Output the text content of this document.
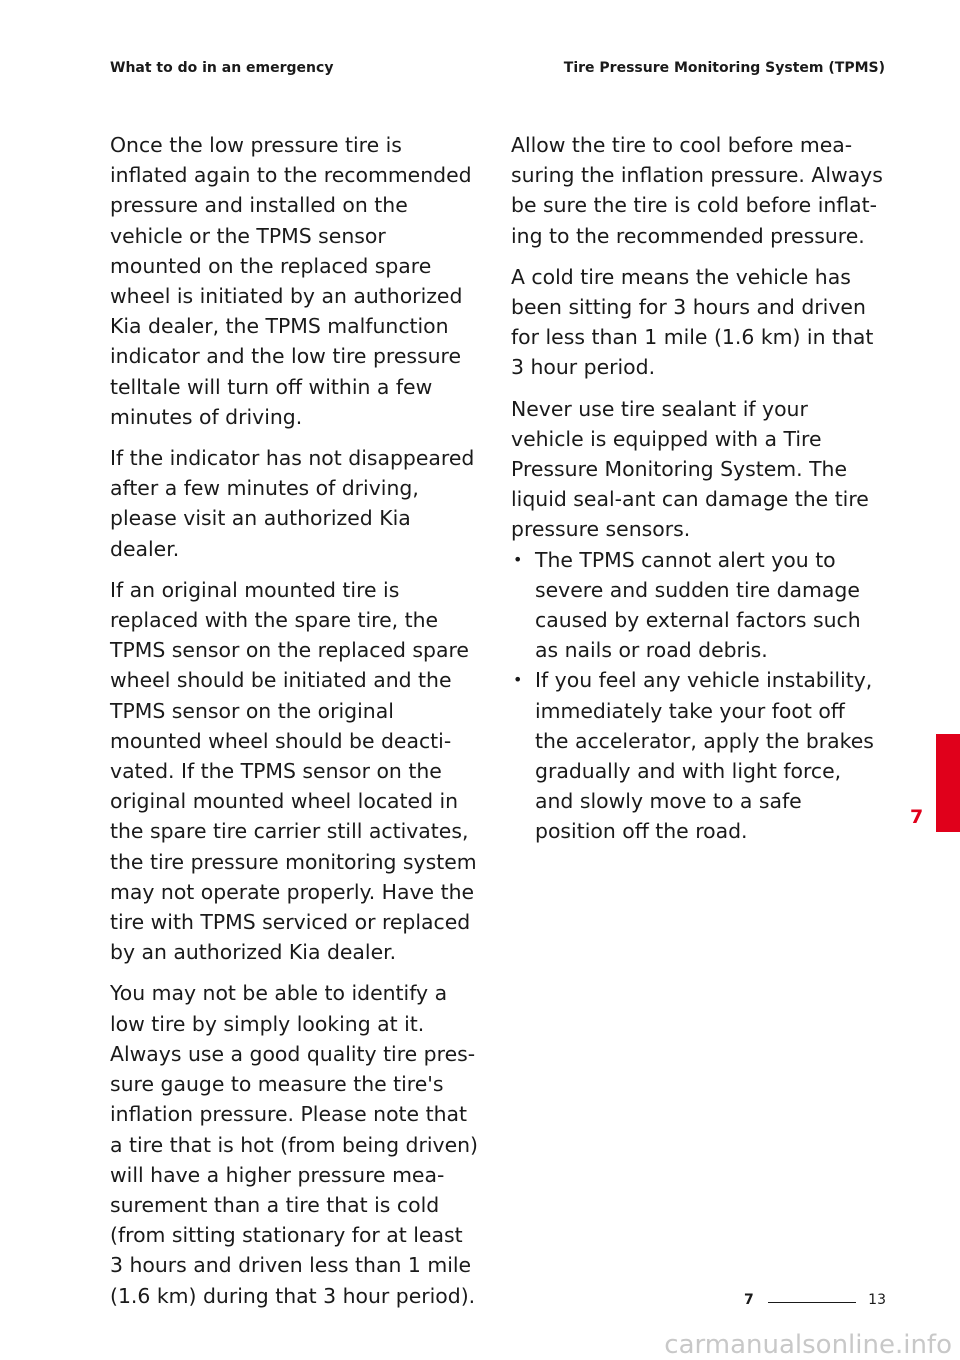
What to do in an emergency	Tire Pressure Monitoring System (TPMS)

Once the low pressure tire is inflated again to the recommended pressure and installed on the vehicle or the TPMS sensor mounted on the replaced spare wheel is initiated by an authorized Kia dealer, the TPMS malfunction indicator and the low tire pressure telltale will turn off within a few minutes of driving.

If the indicator has not disappeared after a few minutes of driving, please visit an authorized Kia dealer.

If an original mounted tire is replaced with the spare tire, the TPMS sensor on the replaced spare wheel should be initiated and the TPMS sensor on the original mounted wheel should be deacti-vated. If the TPMS sensor on the original mounted wheel located in the spare tire carrier still activates, the tire pressure monitoring system may not operate properly. Have the tire with TPMS serviced or replaced by an authorized Kia dealer.

You may not be able to identify a low tire by simply looking at it. Always use a good quality tire pres-sure gauge to measure the tire's inflation pressure. Please note that a tire that is hot (from being driven) will have a higher pressure mea-surement than a tire that is cold (from sitting stationary for at least 3 hours and driven less than 1 mile (1.6 km) during that 3 hour period).

Allow the tire to cool before mea-suring the inflation pressure. Always be sure the tire is cold before inflat-ing to the recommended pressure.

A cold tire means the vehicle has been sitting for 3 hours and driven for less than 1 mile (1.6 km) in that 3 hour period.

Never use tire sealant if your vehicle is equipped with a Tire Pressure Monitoring System. The liquid seal-ant can damage the tire pressure sensors.

• The TPMS cannot alert you to severe and sudden tire damage caused by external factors such as nails or road debris.
• If you feel any vehicle instability, immediately take your foot off the accelerator, apply the brakes gradually and with light force, and slowly move to a safe position off the road.
7
7	13
carmanualsonline.info
